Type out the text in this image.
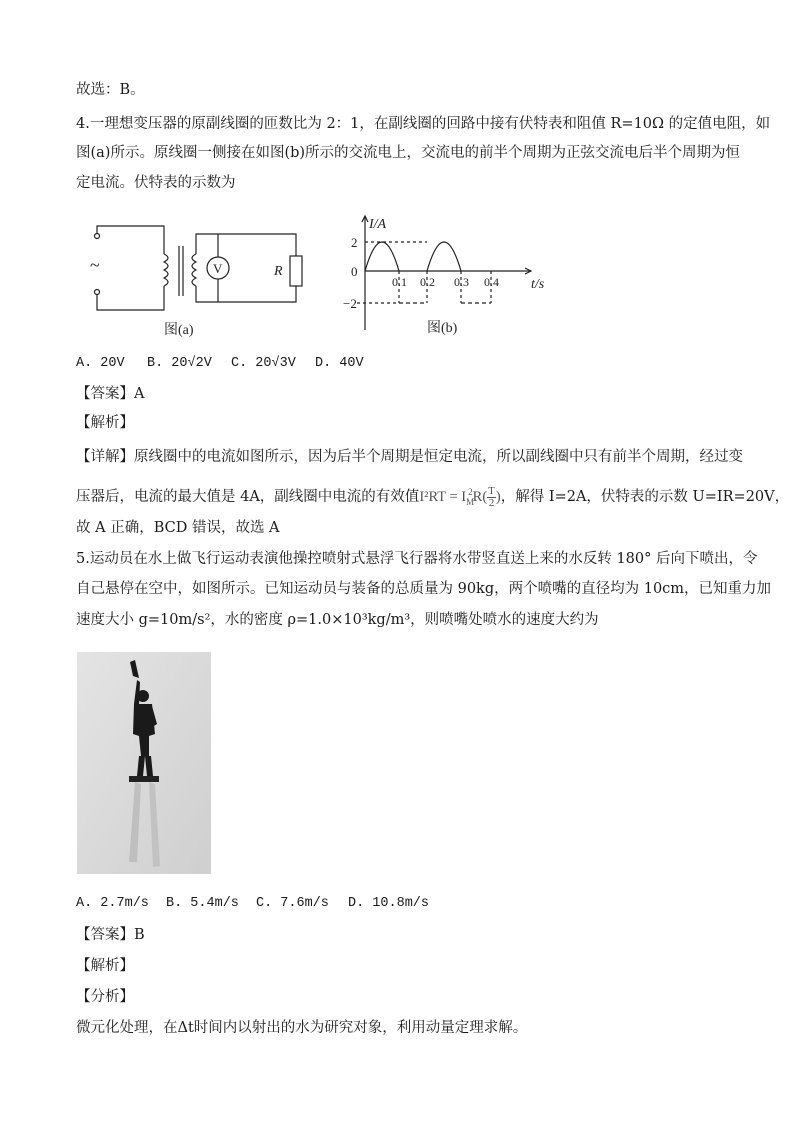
故选：B。
4.一理想变压器的原副线圈的匝数比为 2：1，在副线圈的回路中接有伏特表和阻值 R=10Ω 的定值电阻，如
图(a)所示。原线圈一侧接在如图(b)所示的交流电上，交流电的前半个周期为正弦交流电后半个周期为恒
定电流。伏特表的示数为
~	V	R
图(a)
I/A
t/s
2
0
−2
0.1 0.2 0.3 0.4
图(b)
A. 20V B. 20√2V C. 20√3V D. 40V
【答案】A
【解析】
【详解】原线圈中的电流如图所示，因为后半个周期是恒定电流，所以副线圈中只有前半个周期，经过变
压器后，电流的最大值是 4A，副线圈中电流的有效值$I^2RT = I_M^2R( \frac{T}{2}$ )，解得 I=2A，伏特表的示数 U=IR=20V，
故 A 正确，BCD 错误，故选 A
5.运动员在水上做飞行运动表演他操控喷射式悬浮飞行器将水带竖直送上来的水反转 180° 后向下喷出，令
自己悬停在空中，如图所示。已知运动员与装备的总质量为 90kg，两个喷嘴的直径均为 10cm，已知重力加
速度大小 g=10m/s²，水的密度 ρ=1.0×10³kg/m³，则喷嘴处喷水的速度大约为
A. 2.7m/s B. 5.4m/s C. 7.6m/s D. 10.8m/s
【答案】B
【解析】
【分析】
微元化处理，在Δt时间内以射出的水为研究对象，利用动量定理求解。
